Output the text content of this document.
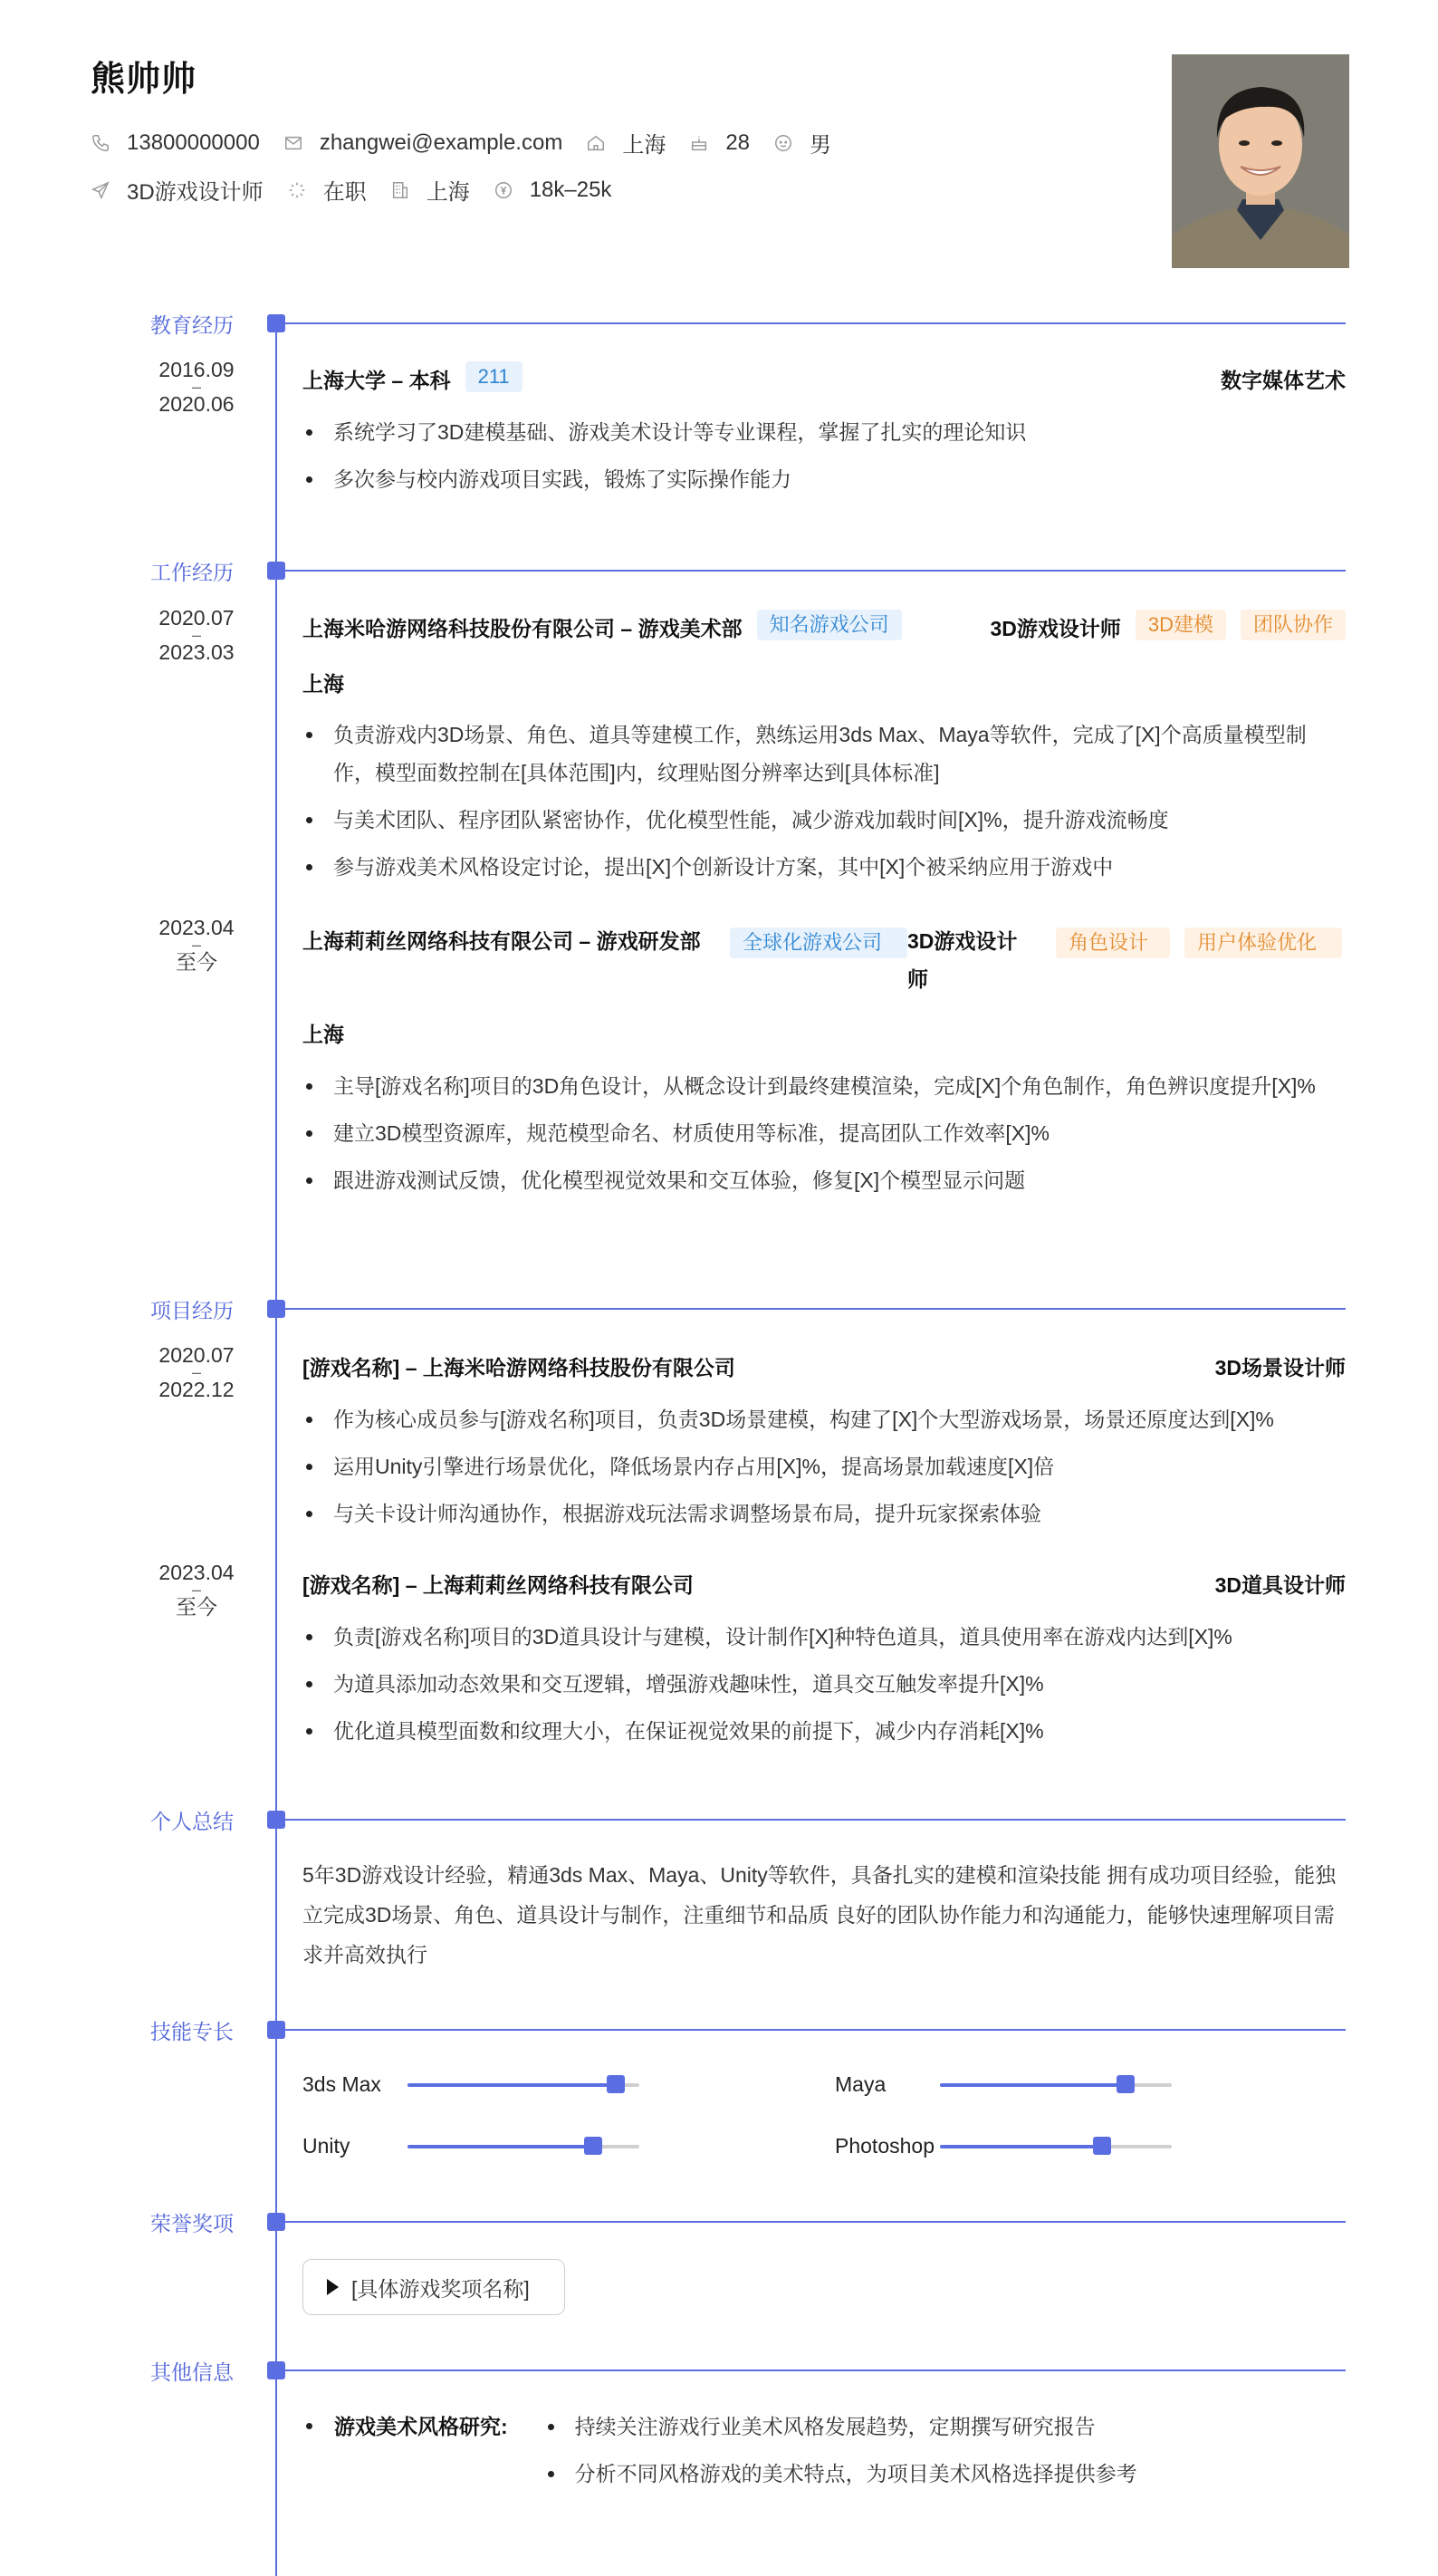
熊帅帅
13800000000	zhangwei@example.com	上海	28	男
3D游戏设计师	在职	上海	18k–25k
教育经历
2016.09
–
2020.06
上海大学 – 本科	211	数字媒体艺术
系统学习了3D建模基础、游戏美术设计等专业课程，掌握了扎实的理论知识
多次参与校内游戏项目实践，锻炼了实际操作能力
工作经历
2020.07
–
2023.03
上海米哈游网络科技股份有限公司 – 游戏美术部	知名游戏公司	3D游戏设计师	3D建模	团队协作
上海
负责游戏内3D场景、角色、道具等建模工作，熟练运用3ds Max、Maya等软件，完成了[X]个高质量模型制作，模型面数控制在[具体范围]内，纹理贴图分辨率达到[具体标准]
与美术团队、程序团队紧密协作，优化模型性能，减少游戏加载时间[X]%，提升游戏流畅度
参与游戏美术风格设定讨论，提出[X]个创新设计方案，其中[X]个被采纳应用于游戏中
2023.04
–
至今
上海莉莉丝网络科技有限公司 – 游戏研发部	全球化游戏公司	3D游戏设计师
角色设计	用户体验优化
上海
主导[游戏名称]项目的3D角色设计，从概念设计到最终建模渲染，完成[X]个角色制作，角色辨识度提升[X]%
建立3D模型资源库，规范模型命名、材质使用等标准，提高团队工作效率[X]%
跟进游戏测试反馈，优化模型视觉效果和交互体验，修复[X]个模型显示问题
项目经历
2020.07
–
2022.12
[游戏名称] – 上海米哈游网络科技股份有限公司	3D场景设计师
作为核心成员参与[游戏名称]项目，负责3D场景建模，构建了[X]个大型游戏场景，场景还原度达到[X]%
运用Unity引擎进行场景优化，降低场景内存占用[X]%，提高场景加载速度[X]倍
与关卡设计师沟通协作，根据游戏玩法需求调整场景布局，提升玩家探索体验
2023.04
–
至今
[游戏名称] – 上海莉莉丝网络科技有限公司	3D道具设计师
负责[游戏名称]项目的3D道具设计与建模，设计制作[X]种特色道具，道具使用率在游戏内达到[X]%
为道具添加动态效果和交互逻辑，增强游戏趣味性，道具交互触发率提升[X]%
优化道具模型面数和纹理大小，在保证视觉效果的前提下，减少内存消耗[X]%
个人总结
5年3D游戏设计经验，精通3ds Max、Maya、Unity等软件，具备扎实的建模和渲染技能 拥有成功项目经验，能独立完成3D场景、角色、道具设计与制作，注重细节和品质 良好的团队协作能力和沟通能力，能够快速理解项目需求并高效执行
技能专长
3ds Max	Maya
Unity	Photoshop
荣誉奖项
[具体游戏奖项名称]
其他信息
游戏美术风格研究:	持续关注游戏行业美术风格发展趋势，定期撰写研究报告
分析不同风格游戏的美术特点，为项目美术风格选择提供参考
